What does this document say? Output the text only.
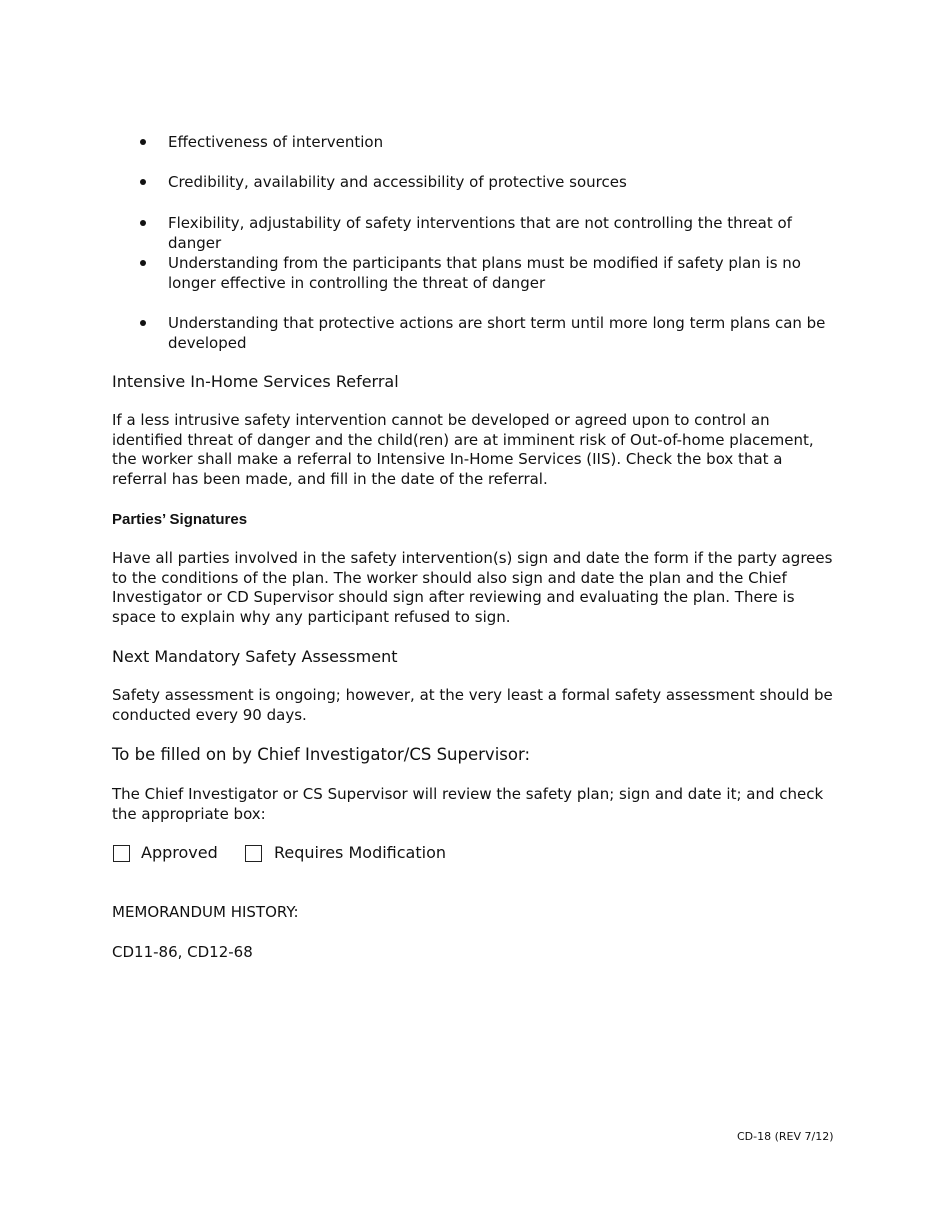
Effectiveness of intervention
Credibility, availability and accessibility of protective sources
Flexibility, adjustability of safety interventions that are not controlling the threat of danger
Understanding from the participants that plans must be modified if safety plan is no longer effective in controlling the threat of danger
Understanding that protective actions are short term until more long term plans can be developed
Intensive In-Home Services Referral
If a less intrusive safety intervention cannot be developed or agreed upon to control an identified threat of danger and the child(ren) are at imminent risk of Out-of-home placement, the worker shall make a referral to Intensive In-Home Services (IIS). Check the box that a referral has been made, and fill in the date of the referral.
Parties’ Signatures
Have all parties involved in the safety intervention(s) sign and date the form if the party agrees to the conditions of the plan. The worker should also sign and date the plan and the Chief Investigator or CD Supervisor should sign after reviewing and evaluating the plan. There is space to explain why any participant refused to sign.
Next Mandatory Safety Assessment
Safety assessment is ongoing; however, at the very least a formal safety assessment should be conducted every 90 days.
To be filled on by Chief Investigator/CS Supervisor:
The Chief Investigator or CS Supervisor will review the safety plan; sign and date it; and check the appropriate box:
Approved	Requires Modification
MEMORANDUM HISTORY:
CD11-86, CD12-68
CD-18 (REV 7/12)
